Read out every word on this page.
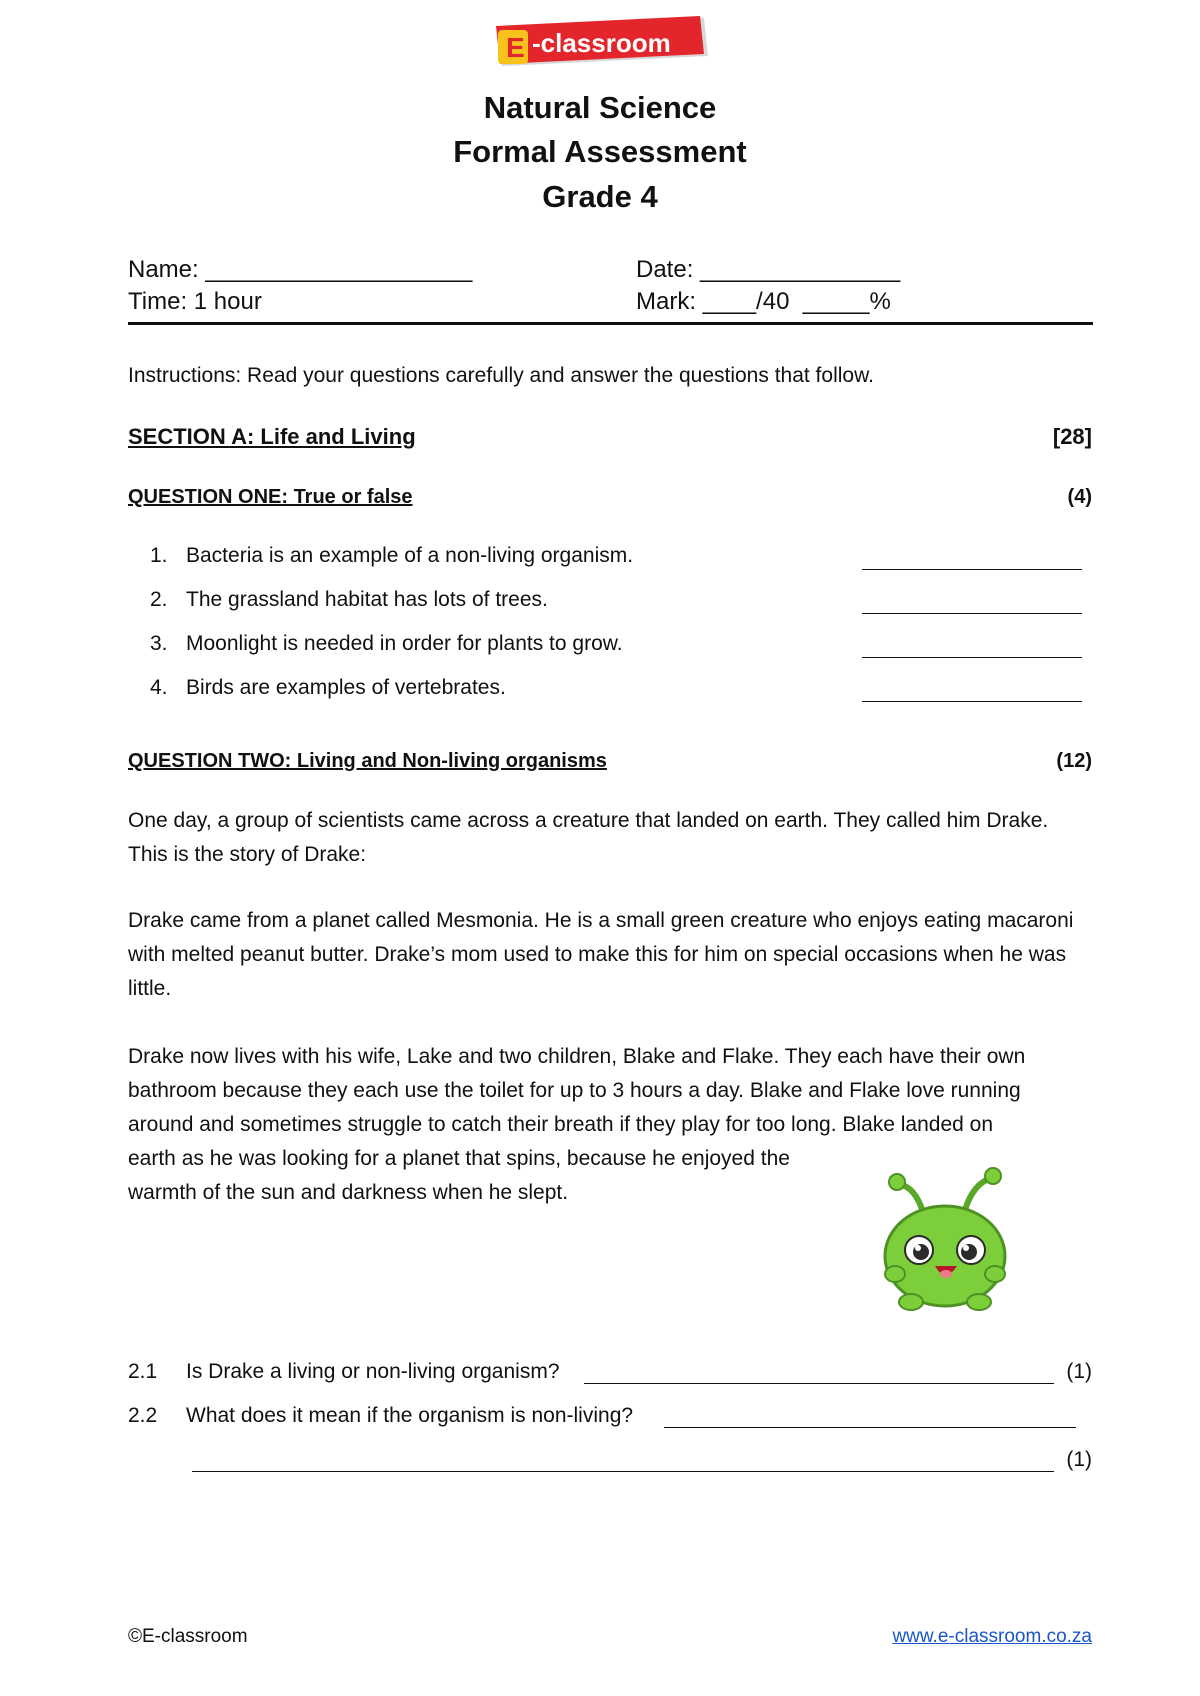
E -classroom
Natural Science
Formal Assessment
Grade 4
Name: ____________________	Date: _______________
Time: 1 hour	Mark: ____/40  _____%
Instructions: Read your questions carefully and answer the questions that follow.
SECTION A: Life and Living	[28]
QUESTION ONE: True or false	(4)
1. Bacteria is an example of a non-living organism.
2. The grassland habitat has lots of trees.
3. Moonlight is needed in order for plants to grow.
4. Birds are examples of vertebrates.
QUESTION TWO: Living and Non-living organisms	(12)
One day, a group of scientists came across a creature that landed on earth. They called him Drake. This is the story of Drake:
Drake came from a planet called Mesmonia. He is a small green creature who enjoys eating macaroni with melted peanut butter. Drake’s mom used to make this for him on special occasions when he was little.
Drake now lives with his wife, Lake and two children, Blake and Flake. They each have their own bathroom because they each use the toilet for up to 3 hours a day. Blake and Flake love running around and sometimes struggle to catch their breath if they play for too long. Blake landed on
earth as he was looking for a planet that spins, because he enjoyed the
warmth of the sun and darkness when he slept.
2.1 Is Drake a living or non-living organism?	(1)
2.2 What does it mean if the organism is non-living?
(1)
©E-classroom	www.e-classroom.co.za
